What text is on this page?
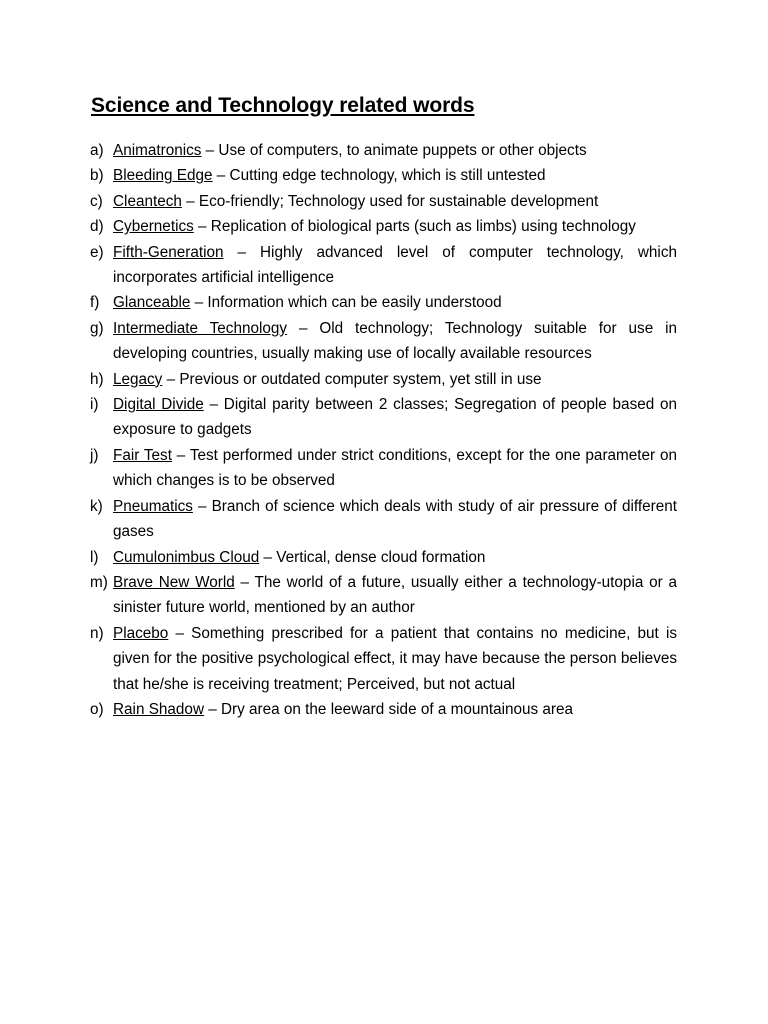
Science and Technology related words
a) Animatronics – Use of computers, to animate puppets or other objects
b) Bleeding Edge – Cutting edge technology, which is still untested
c) Cleantech – Eco-friendly; Technology used for sustainable development
d) Cybernetics – Replication of biological parts (such as limbs) using technology
e) Fifth-Generation – Highly advanced level of computer technology, which incorporates artificial intelligence
f) Glanceable – Information which can be easily understood
g) Intermediate Technology – Old technology; Technology suitable for use in developing countries, usually making use of locally available resources
h) Legacy – Previous or outdated computer system, yet still in use
i) Digital Divide – Digital parity between 2 classes; Segregation of people based on exposure to gadgets
j) Fair Test – Test performed under strict conditions, except for the one parameter on which changes is to be observed
k) Pneumatics – Branch of science which deals with study of air pressure of different gases
l) Cumulonimbus Cloud – Vertical, dense cloud formation
m) Brave New World – The world of a future, usually either a technology-utopia or a sinister future world, mentioned by an author
n) Placebo – Something prescribed for a patient that contains no medicine, but is given for the positive psychological effect, it may have because the person believes that he/she is receiving treatment; Perceived, but not actual
o) Rain Shadow – Dry area on the leeward side of a mountainous area
